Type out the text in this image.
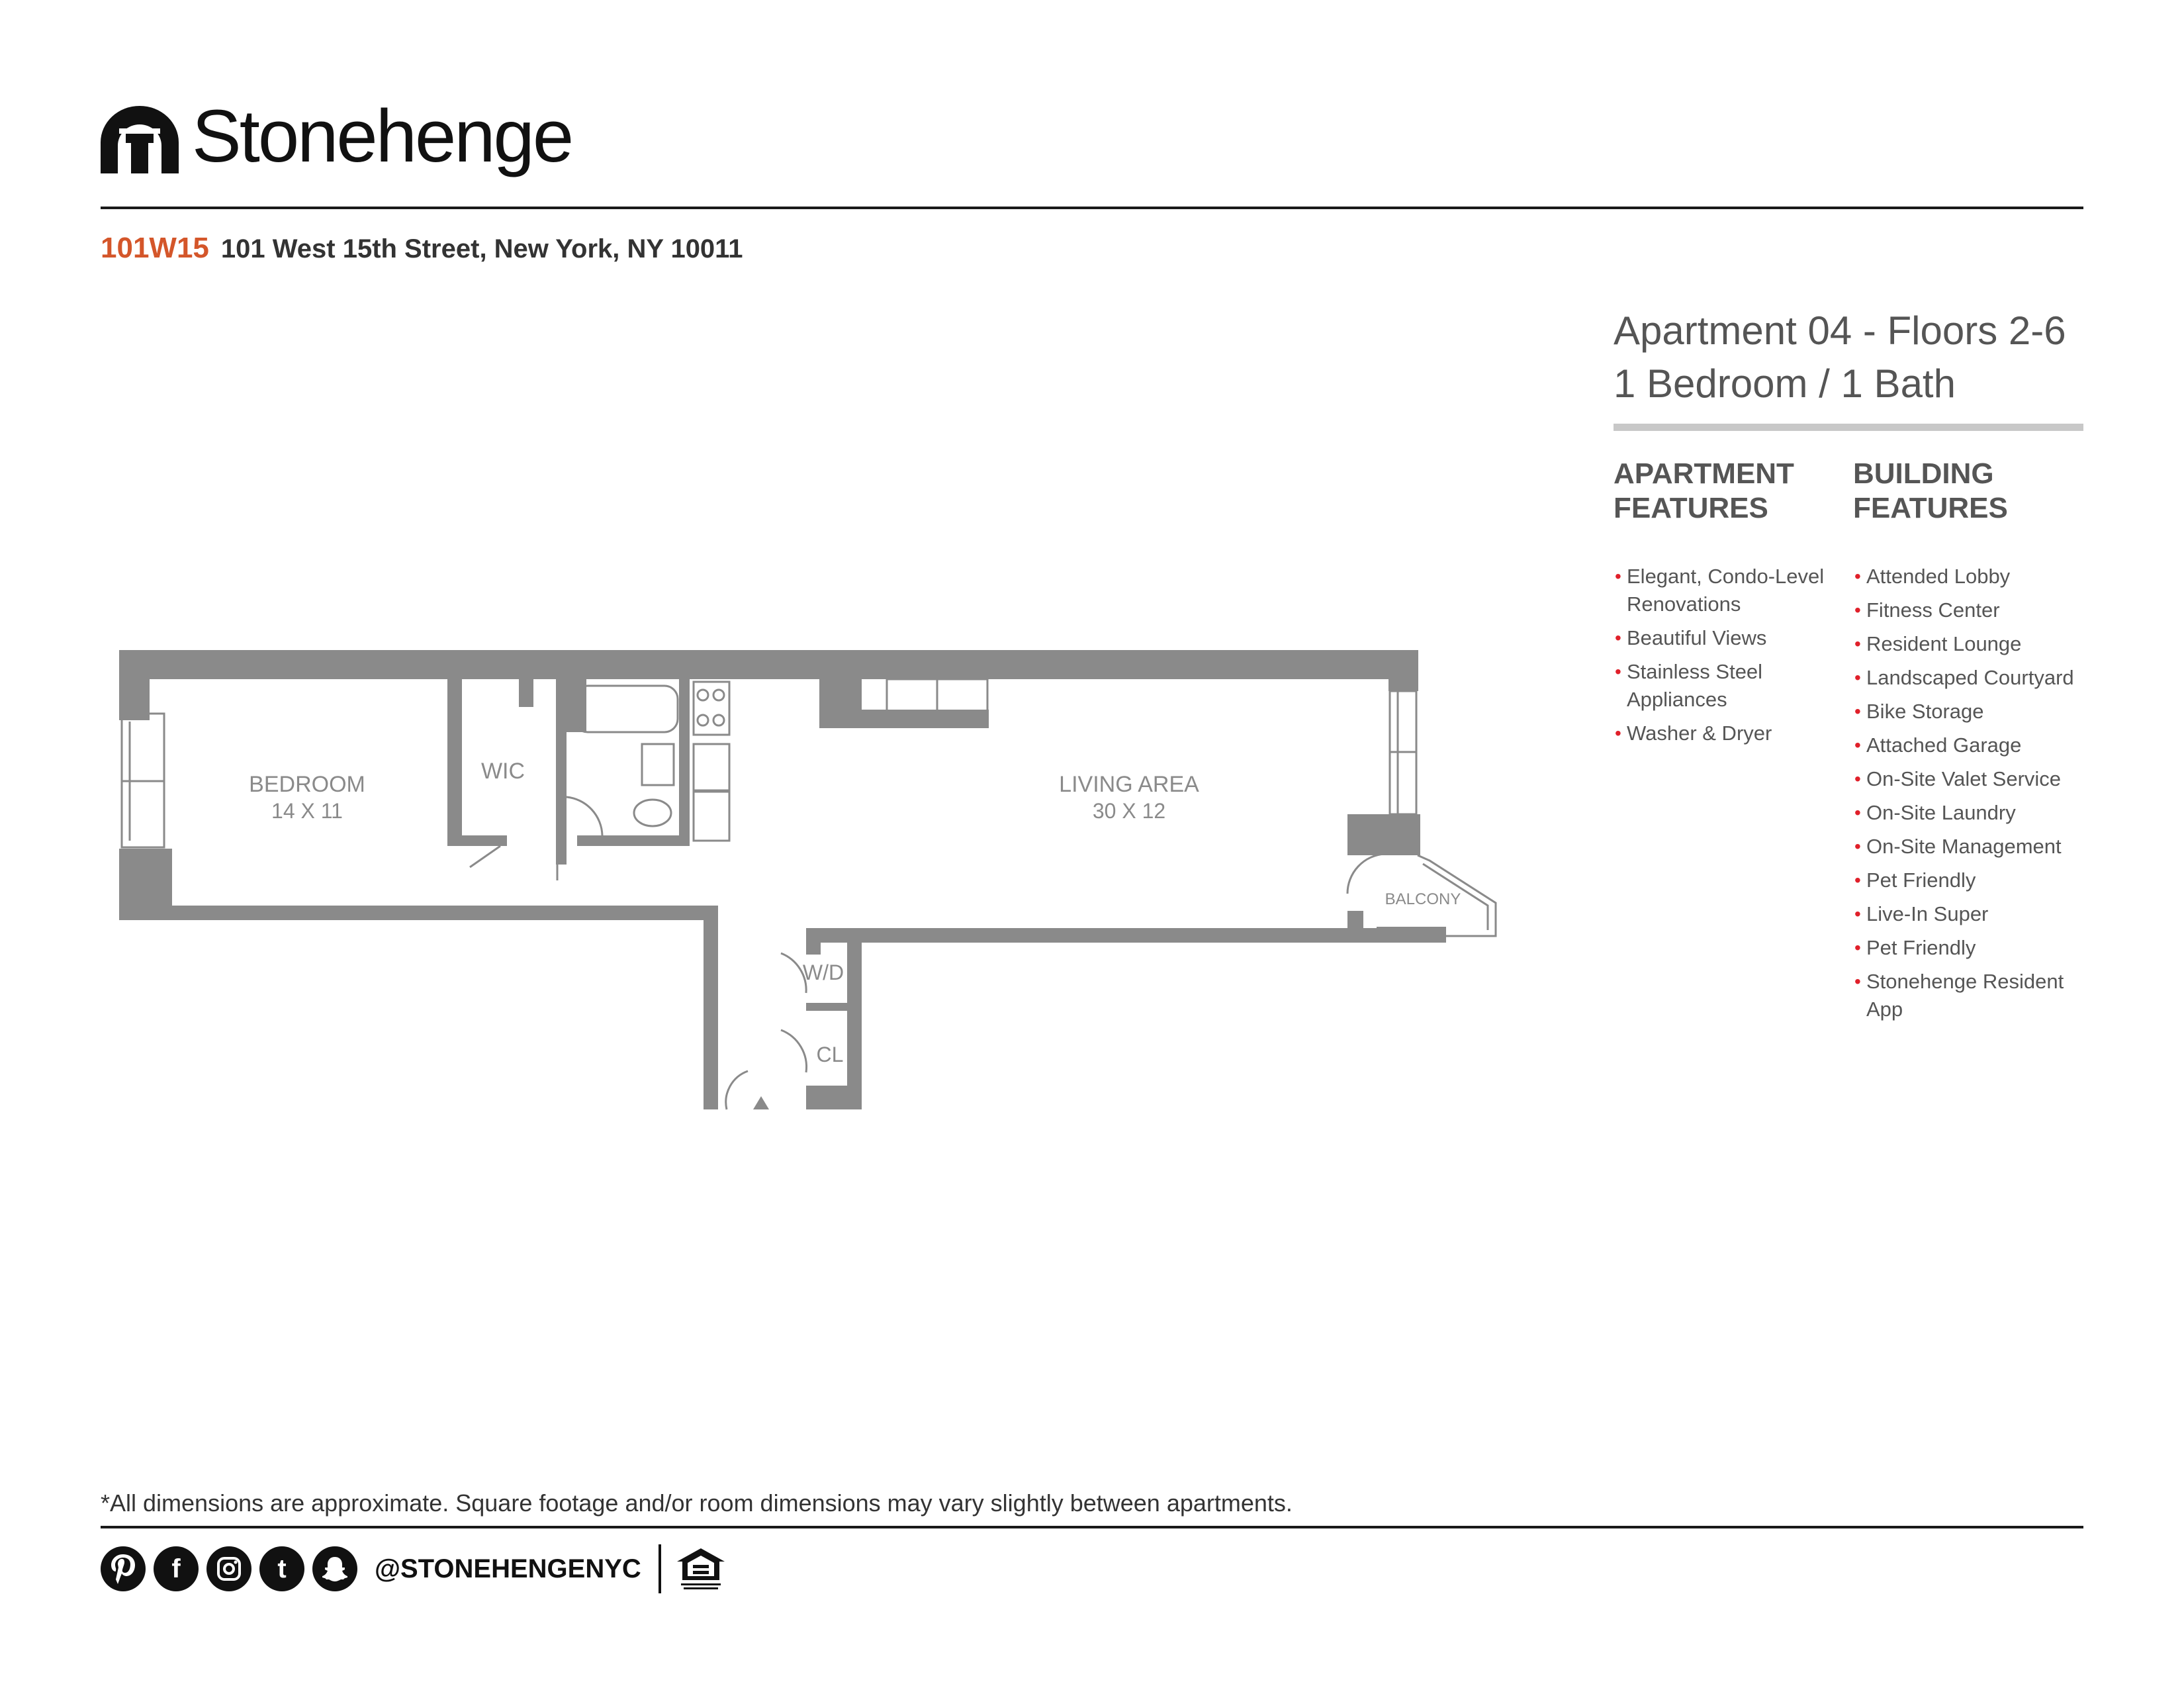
Stonehenge
101W15 101 West 15th Street, New York, NY 10011
Apartment 04 - Floors 2-6
1 Bedroom / 1 Bath
APARTMENT FEATURES
BUILDING FEATURES
• Elegant, Condo-Level Renovations
• Beautiful Views
• Stainless Steel Appliances
• Washer & Dryer
• Attended Lobby
• Fitness Center
• Resident Lounge
• Landscaped Courtyard
• Bike Storage
• Attached Garage
• On-Site Valet Service
• On-Site Laundry
• On-Site Management
• Pet Friendly
• Live-In Super
• Pet Friendly
• Stonehenge Resident App
BEDROOM
14 X 11
WIC
LIVING AREA
30 X 12
BALCONY
W/D
CL
*All dimensions are approximate. Square footage and/or room dimensions may vary slightly between apartments.
f	t	@STONEHENGENYC
